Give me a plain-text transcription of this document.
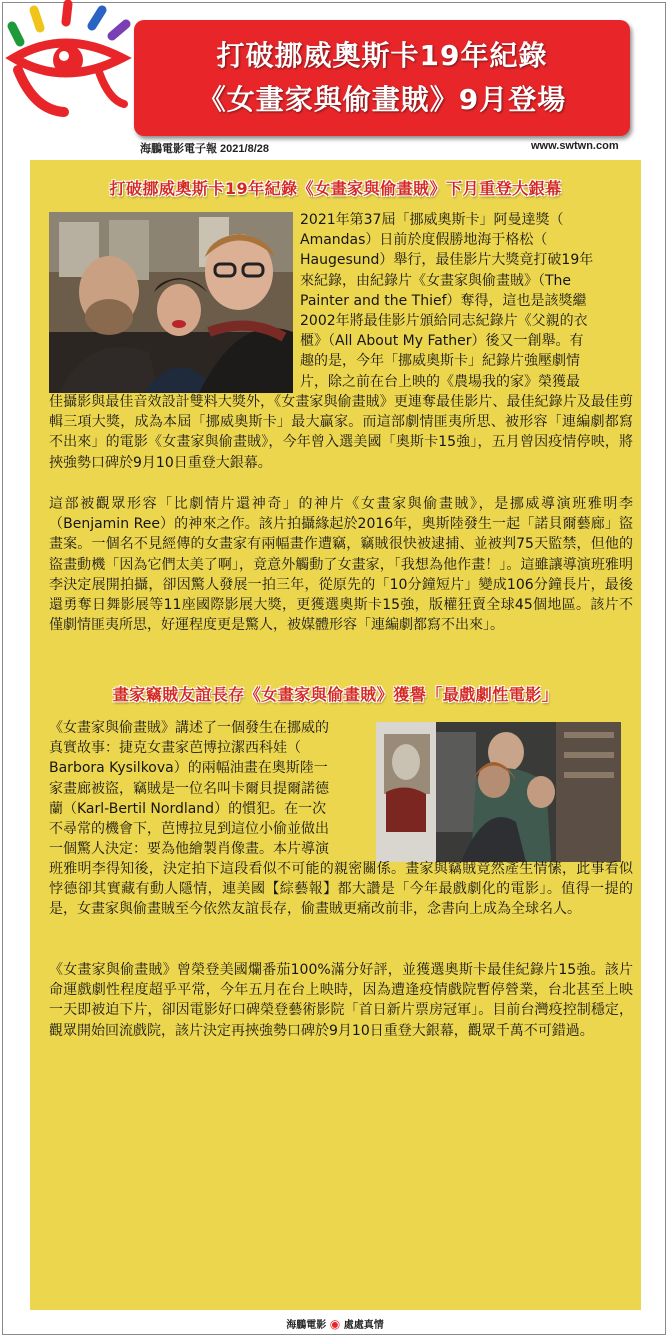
打破挪威奧斯卡19年紀錄
《女畫家與偷畫賊》9月登場
海鵬電影電子報 2021/8/28	www.swtwn.com
打破挪威奧斯卡19年紀錄《女畫家與偷畫賊》下月重登大銀幕
2021年第37屆「挪威奧斯卡」阿曼達獎（
Amandas）日前於度假勝地海于格松（
Haugesund）舉行，最佳影片大獎竟打破19年
來紀錄，由紀錄片《女畫家與偷畫賊》（The
Painter and the Thief）奪得，這也是該獎繼
2002年將最佳影片頒給同志紀錄片《父親的衣
櫃》（All About My Father）後又一創舉。有
趣的是，今年「挪威奧斯卡」紀錄片強壓劇情
片，除之前在台上映的《農場我的家》榮獲最

佳攝影與最佳音效設計雙料大獎外，《女畫家與偷畫賊》更連奪最佳影片、最佳紀錄片及最佳剪輯三項大獎，成為本屆「挪威奧斯卡」最大贏家。而這部劇情匪夷所思、被形容「連編劇都寫不出來」的電影《女畫家與偷畫賊》，今年曾入選美國「奧斯卡15強」，五月曾因疫情停映，將挾強勢口碑於9月10日重登大銀幕。

這部被觀眾形容「比劇情片還神奇」的神片《女畫家與偷畫賊》，是挪威導演班雅明李（Benjamin Ree）的神來之作。該片拍攝緣起於2016年，奧斯陸發生一起「諾貝爾藝廊」盜畫案。一個名不見經傳的女畫家有兩幅畫作遭竊，竊賊很快被逮捕、並被判75天監禁，但他的盜畫動機「因為它們太美了啊」，竟意外觸動了女畫家，「我想為他作畫！」。這雖讓導演班雅明李決定展開拍攝，卻因驚人發展一拍三年，從原先的「10分鐘短片」變成106分鐘長片，最後還勇奪日舞影展等11座國際影展大獎，更獲選奧斯卡15強，版權狂賣全球45個地區。該片不僅劇情匪夷所思，好運程度更是驚人，被媒體形容「連編劇都寫不出來」。

畫家竊賊友誼長存《女畫家與偷畫賊》獲譽「最戲劇性電影」
《女畫家與偷畫賊》講述了一個發生在挪威的
真實故事：捷克女畫家芭博拉潔西科娃（
Barbora Kysilkova）的兩幅油畫在奧斯陸一
家畫廊被盜，竊賊是一位名叫卡爾貝提爾諾德
蘭（Karl-Bertil Nordland）的慣犯。在一次
不尋常的機會下，芭博拉見到這位小偷並做出
一個驚人決定：要為他繪製肖像畫。本片導演

班雅明李得知後，決定拍下這段看似不可能的親密關係。畫家與竊賊竟然產生情愫，此事看似悖德卻其實藏有動人隱情，連美國【綜藝報】都大讚是「今年最戲劇化的電影」。值得一提的是，女畫家與偷畫賊至今依然友誼長存，偷畫賊更痛改前非，念書向上成為全球名人。

《女畫家與偷畫賊》曾榮登美國爛番茄100%滿分好評，並獲選奧斯卡最佳紀錄片15強。該片命運戲劇性程度超乎平常，今年五月在台上映時，因為遭逢疫情戲院暫停營業，台北甚至上映一天即被迫下片，卻因電影好口碑榮登藝術影院「首日新片票房冠軍」。目前台灣疫控制穩定，觀眾開始回流戲院，該片決定再挾強勢口碑於9月10日重登大銀幕，觀眾千萬不可錯過。

海鵬電影 ◉ 處處真情
